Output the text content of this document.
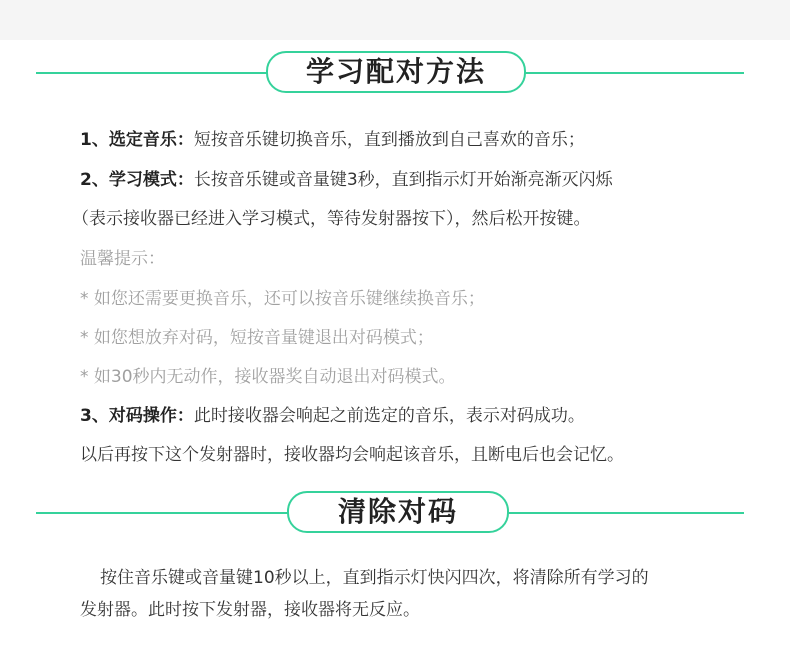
学习配对方法
1、选定音乐：短按音乐键切换音乐，直到播放到自己喜欢的音乐；
2、学习模式：长按音乐键或音量键3秒，直到指示灯开始渐亮渐灭闪烁
（表示接收器已经进入学习模式，等待发射器按下），然后松开按键。
温馨提示：
* 如您还需要更换音乐，还可以按音乐键继续换音乐；
* 如您想放弃对码，短按音量键退出对码模式；
* 如30秒内无动作，接收器奖自动退出对码模式。
3、对码操作：此时接收器会响起之前选定的音乐，表示对码成功。
以后再按下这个发射器时，接收器均会响起该音乐，且断电后也会记忆。
清除对码

按住音乐键或音量键10秒以上，直到指示灯快闪四次，将清除所有学习的

发射器。此时按下发射器，接收器将无反应。
